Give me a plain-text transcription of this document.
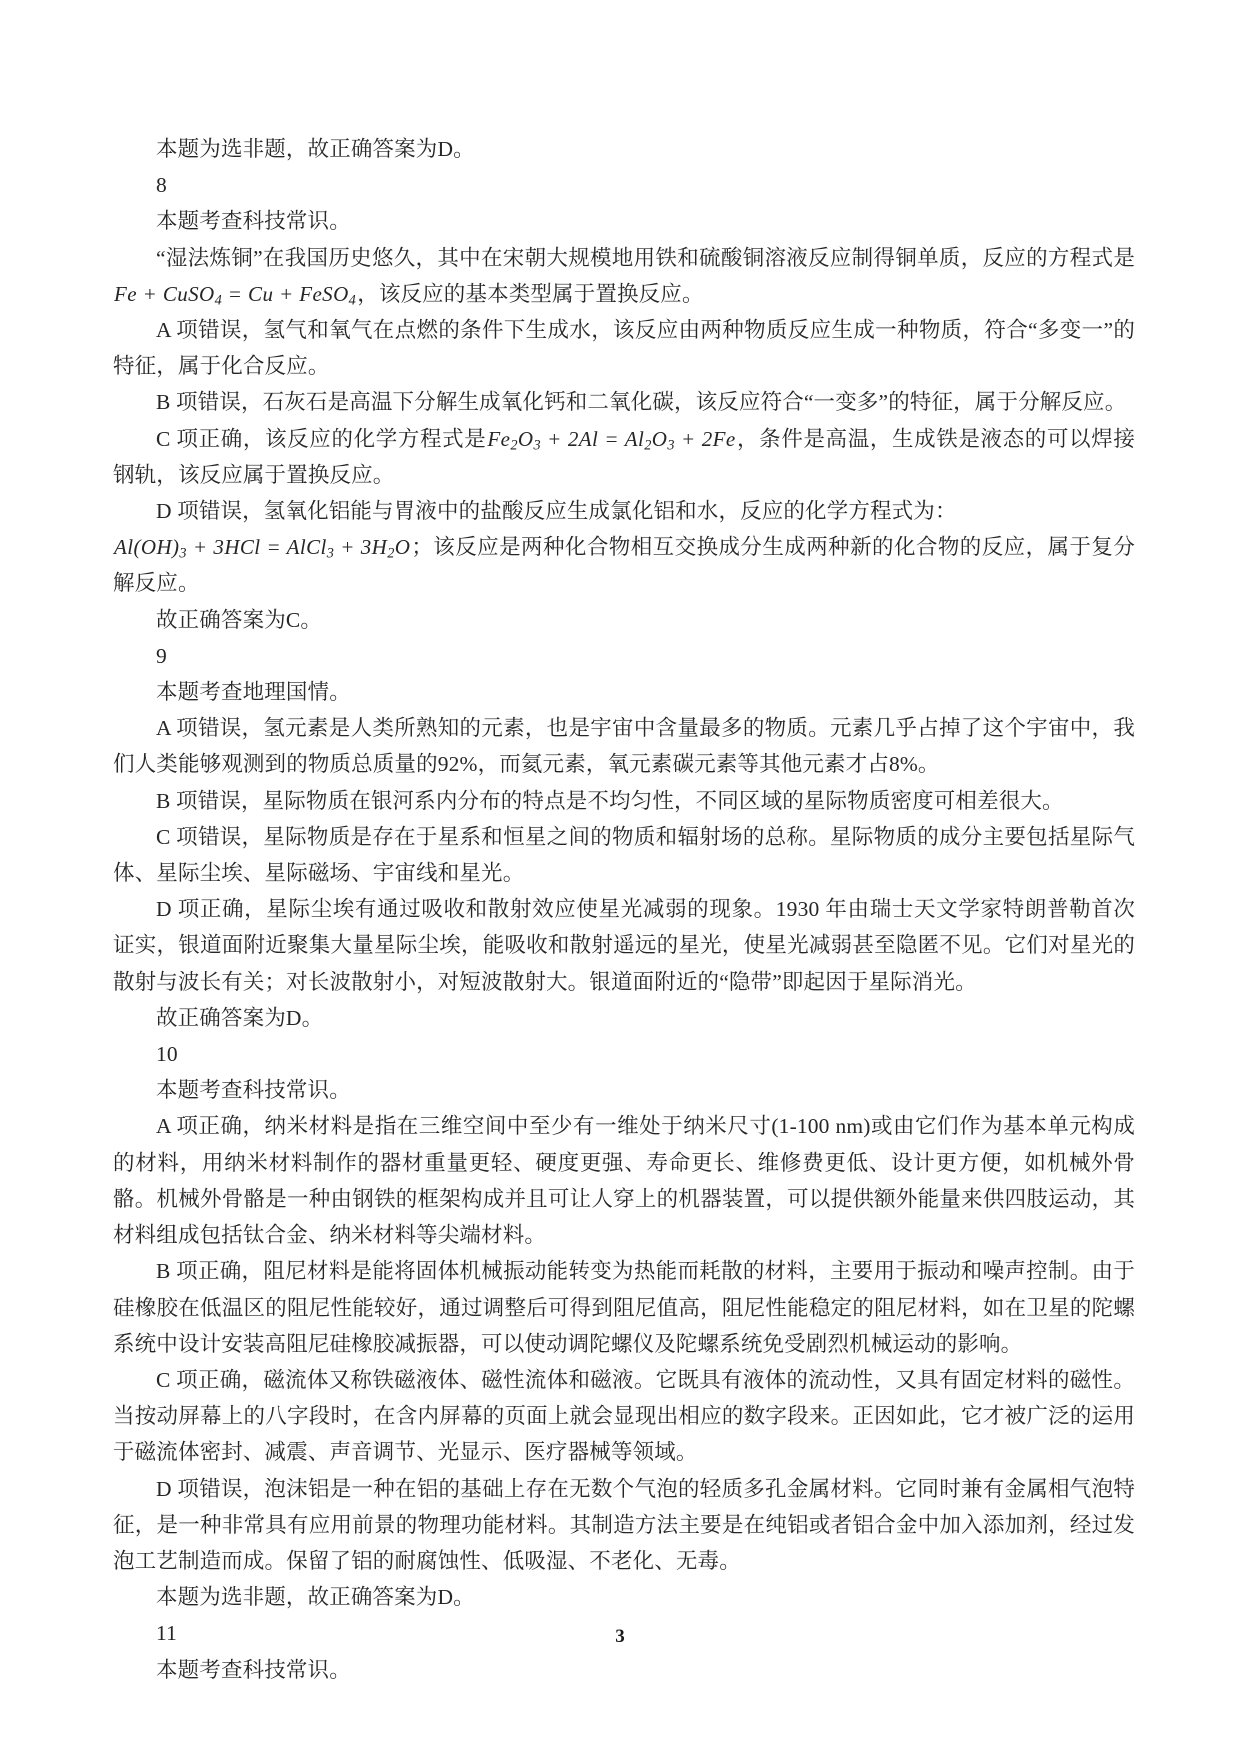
本题为选非题，故正确答案为D。

8

本题考查科技常识。

“湿法炼铜”在我国历史悠久，其中在宋朝大规模地用铁和硫酸铜溶液反应制得铜单质，反应的方程式是Fe + CuSO$_4$ = Cu + FeSO$_4$，该反应的基本类型属于置换反应。

A 项错误，氢气和氧气在点燃的条件下生成水，该反应由两种物质反应生成一种物质，符合“多变一”的特征，属于化合反应。

B 项错误，石灰石是高温下分解生成氧化钙和二氧化碳，该反应符合“一变多”的特征，属于分解反应。

C 项正确，该反应的化学方程式是$Fe_2O_3 + 2Al = Al_2O_3 + 2Fe$，条件是高温，生成铁是液态的可以焊接钢轨，该反应属于置换反应。

D 项错误，氢氧化铝能与胃液中的盐酸反应生成氯化铝和水，反应的化学方程式为：

$Al(OH)_3 + 3HCl$ = AlCl$_3$ + $3H_2O$；该反应是两种化合物相互交换成分生成两种新的化合物的反应，属于复分解反应。

故正确答案为C。

9

本题考查地理国情。

A 项错误，氢元素是人类所熟知的元素，也是宇宙中含量最多的物质。元素几乎占掉了这个宇宙中，我们人类能够观测到的物质总质量的92%，而氦元素，氧元素碳元素等其他元素才占8%。

B 项错误，星际物质在银河系内分布的特点是不均匀性，不同区域的星际物质密度可相差很大。

C 项错误，星际物质是存在于星系和恒星之间的物质和辐射场的总称。星际物质的成分主要包括星际气体、星际尘埃、星际磁场、宇宙线和星光。

D 项正确，星际尘埃有通过吸收和散射效应使星光减弱的现象。1930 年由瑞士天文学家特朗普勒首次证实，银道面附近聚集大量星际尘埃，能吸收和散射遥远的星光，使星光减弱甚至隐匿不见。它们对星光的散射与波长有关；对长波散射小，对短波散射大。银道面附近的“隐带”即起因于星际消光。

故正确答案为D。

10

本题考查科技常识。

A 项正确，纳米材料是指在三维空间中至少有一维处于纳米尺寸(1-100 nm)或由它们作为基本单元构成的材料，用纳米材料制作的器材重量更轻、硬度更强、寿命更长、维修费更低、设计更方便，如机械外骨骼。机械外骨骼是一种由钢铁的框架构成并且可让人穿上的机器装置，可以提供额外能量来供四肢运动，其材料组成包括钛合金、纳米材料等尖端材料。

B 项正确，阻尼材料是能将固体机械振动能转变为热能而耗散的材料，主要用于振动和噪声控制。由于硅橡胶在低温区的阻尼性能较好，通过调整后可得到阻尼值高，阻尼性能稳定的阻尼材料，如在卫星的陀螺系统中设计安装高阻尼硅橡胶减振器，可以使动调陀螺仪及陀螺系统免受剧烈机械运动的影响。

C 项正确，磁流体又称铁磁液体、磁性流体和磁液。它既具有液体的流动性，又具有固定材料的磁性。当按动屏幕上的八字段时，在含内屏幕的页面上就会显现出相应的数字段来。正因如此，它才被广泛的运用于磁流体密封、减震、声音调节、光显示、医疗器械等领域。

D 项错误，泡沫铝是一种在铝的基础上存在无数个气泡的轻质多孔金属材料。它同时兼有金属相气泡特征，是一种非常具有应用前景的物理功能材料。其制造方法主要是在纯铝或者铝合金中加入添加剂，经过发泡工艺制造而成。保留了铝的耐腐蚀性、低吸湿、不老化、无毒。

本题为选非题，故正确答案为D。

11

本题考查科技常识。

3
